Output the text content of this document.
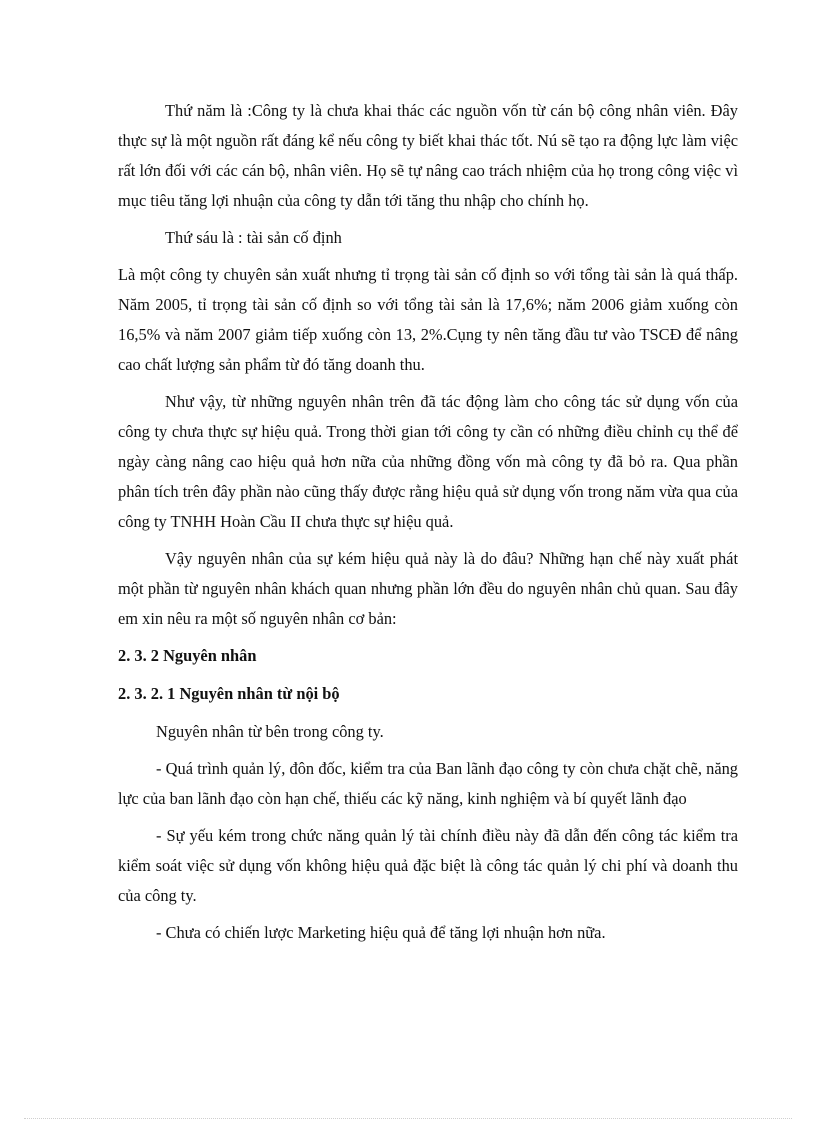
Thứ năm là :Công ty là chưa khai thác các nguồn vốn từ cán bộ công nhân viên. Đây thực sự là một nguồn rất đáng kể nếu công ty biết khai thác tốt. Nú sẽ tạo ra động lực làm việc rất lớn đối với các cán bộ, nhân viên. Họ sẽ tự nâng cao trách nhiệm của họ trong công việc vì mục tiêu tăng lợi nhuận của công ty dẫn tới tăng thu nhập cho chính họ.

Thứ sáu là : tài sản cố định

Là một công ty chuyên sản xuất nhưng tỉ trọng tài sản cố định so với tổng tài sản là quá thấp. Năm 2005, tỉ trọng tài sản cố định so với tổng tài sản là 17,6%; năm 2006 giảm xuống còn 16,5% và năm 2007 giảm tiếp xuống còn 13, 2%.Cụng ty nên tăng đầu tư vào TSCĐ để nâng cao chất lượng sản phẩm từ đó tăng doanh thu.

Như vậy, từ những nguyên nhân trên đã tác động làm cho công tác sử dụng vốn của công ty chưa thực sự hiệu quả. Trong thời gian tới công ty cần có những điều chỉnh cụ thể để ngày càng nâng cao hiệu quả hơn nữa của những đồng vốn mà công ty đã bỏ ra. Qua phần phân tích trên đây phần nào cũng thấy được rằng hiệu quả sử dụng vốn trong năm vừa qua của công ty TNHH Hoàn Cầu II chưa thực sự hiệu quả.

Vậy nguyên nhân của sự kém hiệu quả này là do đâu? Những hạn chế này xuất phát một phần từ nguyên nhân khách quan nhưng phần lớn đều do nguyên nhân chủ quan. Sau đây em xin nêu ra một số nguyên nhân cơ bản:

2. 3. 2 Nguyên nhân
2. 3. 2. 1 Nguyên nhân từ nội bộ

Nguyên nhân từ bên trong công ty.

- Quá trình quản lý, đôn đốc, kiểm tra của Ban lãnh đạo công ty còn chưa chặt chẽ, năng lực của ban lãnh đạo còn hạn chế, thiếu các kỹ năng, kinh nghiệm và bí quyết lãnh đạo

- Sự yếu kém trong chức năng quản lý tài chính điều này đã dẫn đến công tác kiểm tra kiểm soát việc sử dụng vốn không hiệu quả đặc biệt là công tác quản lý chi phí và doanh thu của công ty.

- Chưa có chiến lược Marketing hiệu quả để tăng lợi nhuận hơn nữa.
